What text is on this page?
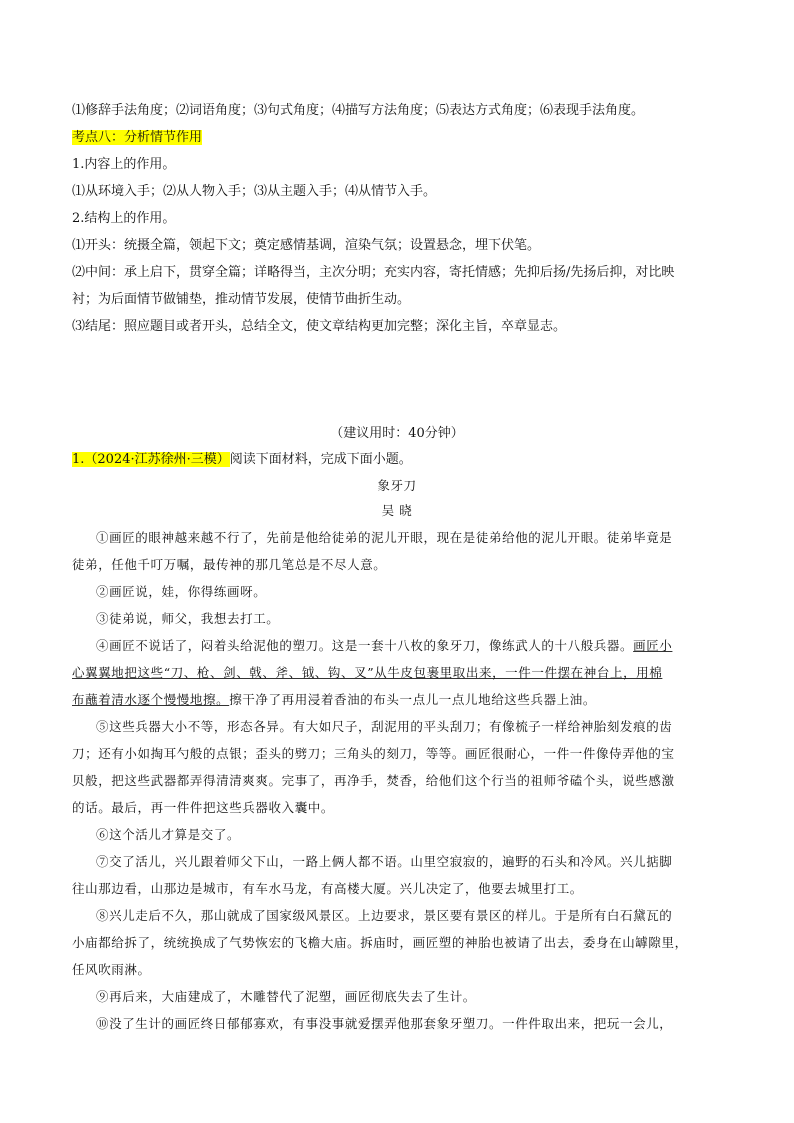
⑴修辞手法角度；⑵词语角度；⑶句式角度；⑷描写方法角度；⑸表达方式角度；⑹表现手法角度。
考点八：分析情节作用
1.内容上的作用。
⑴从环境入手；⑵从人物入手；⑶从主题入手；⑷从情节入手。
2.结构上的作用。
⑴开头：统摄全篇，领起下文；奠定感情基调，渲染气氛；设置悬念，埋下伏笔。
⑵中间：承上启下，贯穿全篇；详略得当，主次分明；充实内容，寄托情感；先抑后扬/先扬后抑，对比映
衬；为后面情节做铺垫，推动情节发展，使情节曲折生动。
⑶结尾：照应题目或者开头，总结全文，使文章结构更加完整；深化主旨，卒章显志。
（建议用时：40分钟）
1.（2024·江苏徐州·三模）阅读下面材料，完成下面小题。
象牙刀
吴 晓
①画匠的眼神越来越不行了，先前是他给徒弟的泥儿开眼，现在是徒弟给他的泥儿开眼。徒弟毕竟是
徒弟，任他千叮万嘱，最传神的那几笔总是不尽人意。
②画匠说，娃，你得练画呀。
③徒弟说，师父，我想去打工。
④画匠不说话了，闷着头给泥他的塑刀。这是一套十八枚的象牙刀，像练武人的十八般兵器。画匠小
心翼翼地把这些“刀、枪、剑、戟、斧、钺、钩、叉”从牛皮包裹里取出来，一件一件摆在神台上，用棉
布蘸着清水逐个慢慢地擦。擦干净了再用浸着香油的布头一点儿一点儿地给这些兵器上油。
⑤这些兵器大小不等，形态各异。有大如尺子，刮泥用的平头刮刀；有像梳子一样给神胎刻发痕的齿
刀；还有小如掏耳勺般的点银；歪头的劈刀；三角头的刻刀，等等。画匠很耐心，一件一件像侍弄他的宝
贝般，把这些武器都弄得清清爽爽。完事了，再净手，焚香，给他们这个行当的祖师爷磕个头，说些感激
的话。最后，再一件件把这些兵器收入囊中。
⑥这个活儿才算是交了。
⑦交了活儿，兴儿跟着师父下山，一路上俩人都不语。山里空寂寂的，遍野的石头和冷风。兴儿掂脚
往山那边看，山那边是城市，有车水马龙，有高楼大厦。兴儿决定了，他要去城里打工。
⑧兴儿走后不久，那山就成了国家级风景区。上边要求，景区要有景区的样儿。于是所有白石黛瓦的
小庙都给拆了，统统换成了气势恢宏的飞檐大庙。拆庙时，画匠塑的神胎也被请了出去，委身在山罅隙里，
任风吹雨淋。
⑨再后来，大庙建成了，木雕替代了泥塑，画匠彻底失去了生计。
⑩没了生计的画匠终日郁郁寡欢，有事没事就爱摆弄他那套象牙塑刀。一件件取出来，把玩一会儿，
